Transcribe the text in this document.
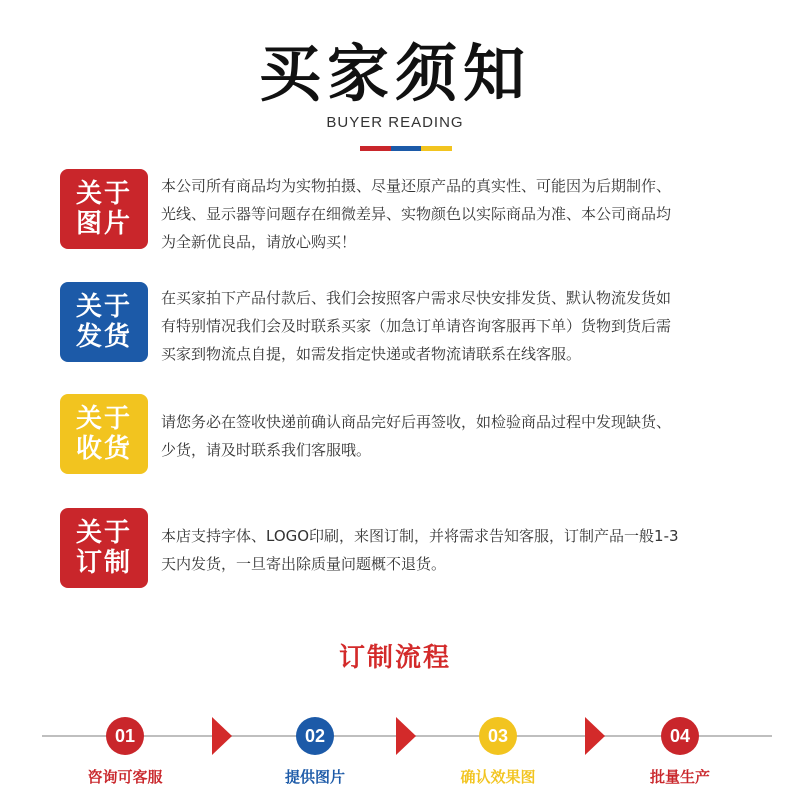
买家须知
BUYER READING
关于
图片
本公司所有商品均为实物拍摄、尽量还原产品的真实性、可能因为后期制作、
光线、显示器等问题存在细微差异、实物颜色以实际商品为准、本公司商品均
为全新优良品，请放心购买！
关于
发货
在买家拍下产品付款后、我们会按照客户需求尽快安排发货、默认物流发货如
有特别情况我们会及时联系买家（加急订单请咨询客服再下单）货物到货后需
买家到物流点自提，如需发指定快递或者物流请联系在线客服。
关于
收货
请您务必在签收快递前确认商品完好后再签收，如检验商品过程中发现缺货、
少货，请及时联系我们客服哦。
关于
订制
本店支持字体、LOGO印刷，来图订制，并将需求告知客服，订制产品一般1-3
天内发货，一旦寄出除质量问题概不退货。
订制流程
01	02	03	04
咨询可客服	提供图片	确认效果图	批量生产
